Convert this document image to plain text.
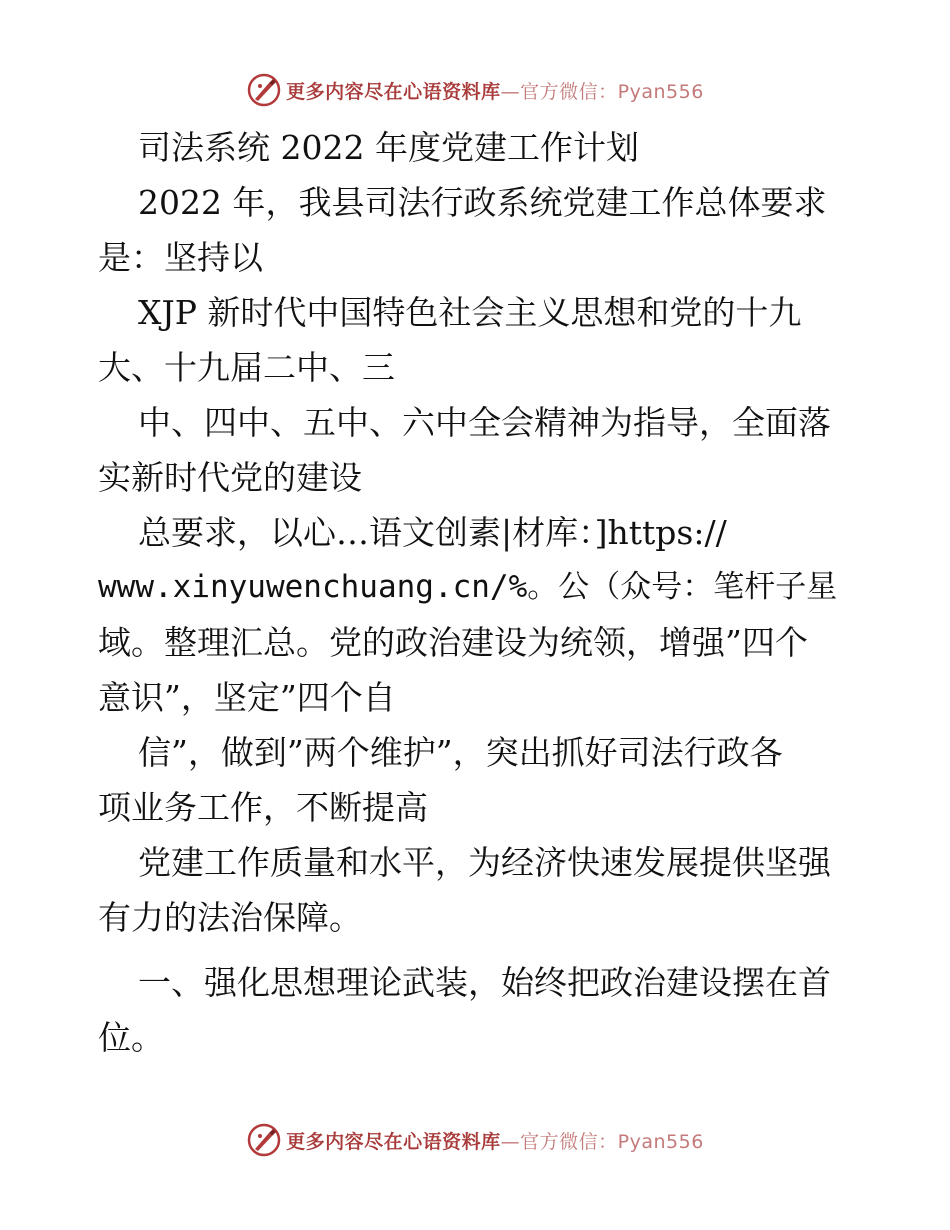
更多内容尽在心语资料库—官方微信：Pyan556

司法系统 2022 年度党建工作计划

2022 年，我县司法行政系统党建工作总体要求

是：坚持以

XJP 新时代中国特色社会主义思想和党的十九

大、十九届二中、三

中、四中、五中、六中全会精神为指导，全面落

实新时代党的建设

总要求，以心…语文创素|材库：]https://

www.xinyuwenchuang.cn/%。公（众号：笔杆子星

域。整理汇总。党的政治建设为统领，增强”四个

意识”，坚定”四个自

信”，做到”两个维护”，突出抓好司法行政各

项业务工作，不断提高

党建工作质量和水平，为经济快速发展提供坚强

有力的法治保障。

一、强化思想理论武装，始终把政治建设摆在首

位。

更多内容尽在心语资料库—官方微信：Pyan556
